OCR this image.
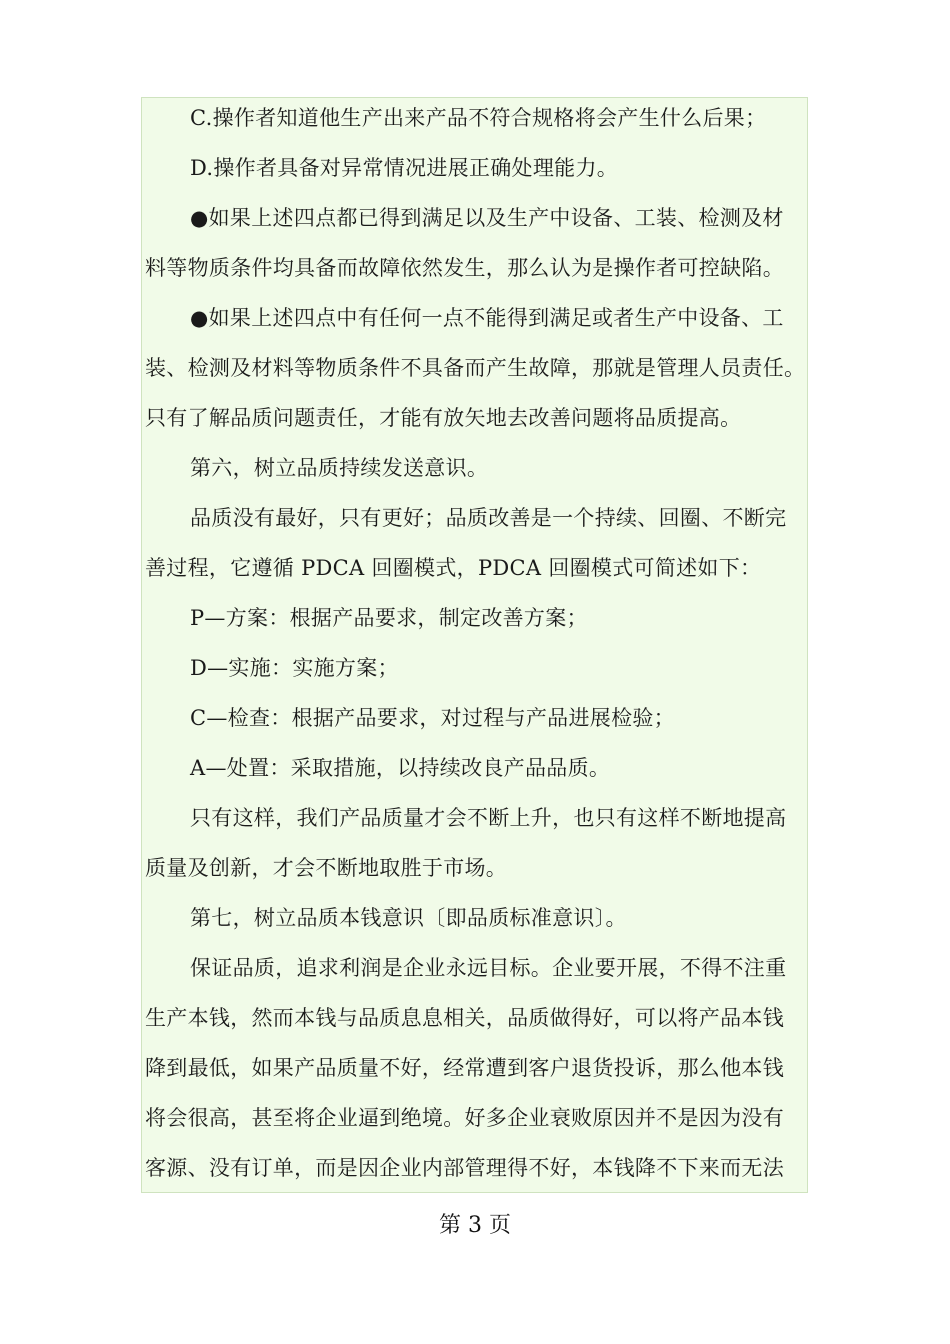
C.操作者知道他生产出来产品不符合规格将会产生什么后果；
D.操作者具备对异常情况进展正确处理能力。
●如果上述四点都已得到满足以及生产中设备、工装、检测及材
料等物质条件均具备而故障依然发生，那么认为是操作者可控缺陷。
●如果上述四点中有任何一点不能得到满足或者生产中设备、工
装、检测及材料等物质条件不具备而产生故障，那就是管理人员责任。
只有了解品质问题责任，才能有放矢地去改善问题将品质提高。
第六，树立品质持续发送意识。
品质没有最好，只有更好；品质改善是一个持续、回圈、不断完
善过程，它遵循 PDCA 回圈模式，PDCA 回圈模式可简述如下：
P—方案：根据产品要求，制定改善方案；
D—实施：实施方案；
C—检查：根据产品要求，对过程与产品进展检验；
A—处置：采取措施，以持续改良产品品质。
只有这样，我们产品质量才会不断上升，也只有这样不断地提高
质量及创新，才会不断地取胜于市场。
第七，树立品质本钱意识〔即品质标准意识〕。
保证品质，追求利润是企业永远目标。企业要开展，不得不注重
生产本钱，然而本钱与品质息息相关，品质做得好，可以将产品本钱
降到最低，如果产品质量不好，经常遭到客户退货投诉，那么他本钱
将会很高，甚至将企业逼到绝境。好多企业衰败原因并不是因为没有
客源、没有订单，而是因企业内部管理得不好，本钱降不下来而无法
第 3 页
